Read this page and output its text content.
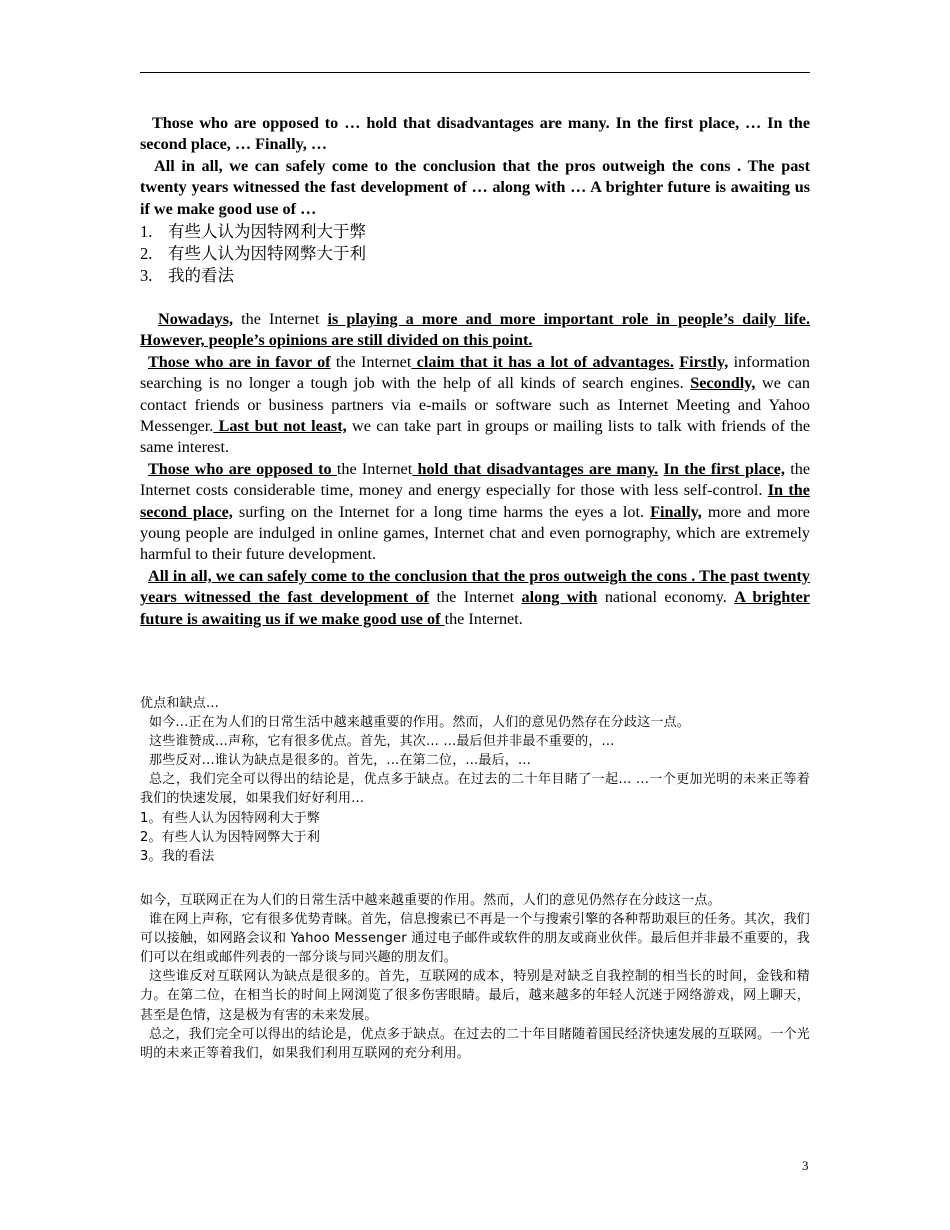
Those who are opposed to … hold that disadvantages are many. In the first place, … In the second place, … Finally, …

All in all, we can safely come to the conclusion that the pros outweigh the cons . The past twenty years witnessed the fast development of … along with … A brighter future is awaiting us if we make good use of …

1. 有些人认为因特网利大于弊
2. 有些人认为因特网弊大于利
3. 我的看法

Nowadays, the Internet is playing a more and more important role in people’s daily life. However, people’s opinions are still divided on this point.

Those who are in favor of the Internet claim that it has a lot of advantages. Firstly, information searching is no longer a tough job with the help of all kinds of search engines. Secondly, we can contact friends or business partners via e-mails or software such as Internet Meeting and Yahoo Messenger. Last but not least, we can take part in groups or mailing lists to talk with friends of the same interest.

Those who are opposed to the Internet hold that disadvantages are many. In the first place, the Internet costs considerable time, money and energy especially for those with less self-control. In the second place, surfing on the Internet for a long time harms the eyes a lot. Finally, more and more young people are indulged in online games, Internet chat and even pornography, which are extremely harmful to their future development.

All in all, we can safely come to the conclusion that the pros outweigh the cons . The past twenty years witnessed the fast development of the Internet along with national economy. A brighter future is awaiting us if we make good use of the Internet.

优点和缺点...

如今...正在为人们的日常生活中越来越重要的作用。然而，人们的意见仍然存在分歧这一点。

这些谁赞成...声称，它有很多优点。首先，其次... ...最后但并非最不重要的，...

那些反对...谁认为缺点是很多的。首先，...在第二位，...最后，...

总之，我们完全可以得出的结论是，优点多于缺点。在过去的二十年目睹了一起... ...一个更加光明的未来正等着我们的快速发展，如果我们好好利用...

1。有些人认为因特网利大于弊

2。有些人认为因特网弊大于利

3。我的看法

如今，互联网正在为人们的日常生活中越来越重要的作用。然而，人们的意见仍然存在分歧这一点。

谁在网上声称，它有很多优势青睐。首先，信息搜索已不再是一个与搜索引擎的各种帮助艰巨的任务。其次，我们可以接触，如网路会议和 Yahoo Messenger 通过电子邮件或软件的朋友或商业伙伴。最后但并非最不重要的，我们可以在组或邮件列表的一部分谈与同兴趣的朋友们。

这些谁反对互联网认为缺点是很多的。首先，互联网的成本，特别是对缺乏自我控制的相当长的时间，金钱和精力。在第二位，在相当长的时间上网浏览了很多伤害眼睛。最后，越来越多的年轻人沉迷于网络游戏，网上聊天，甚至是色情，这是极为有害的未来发展。

总之，我们完全可以得出的结论是，优点多于缺点。在过去的二十年目睹随着国民经济快速发展的互联网。一个光明的未来正等着我们，如果我们利用互联网的充分利用。

3
